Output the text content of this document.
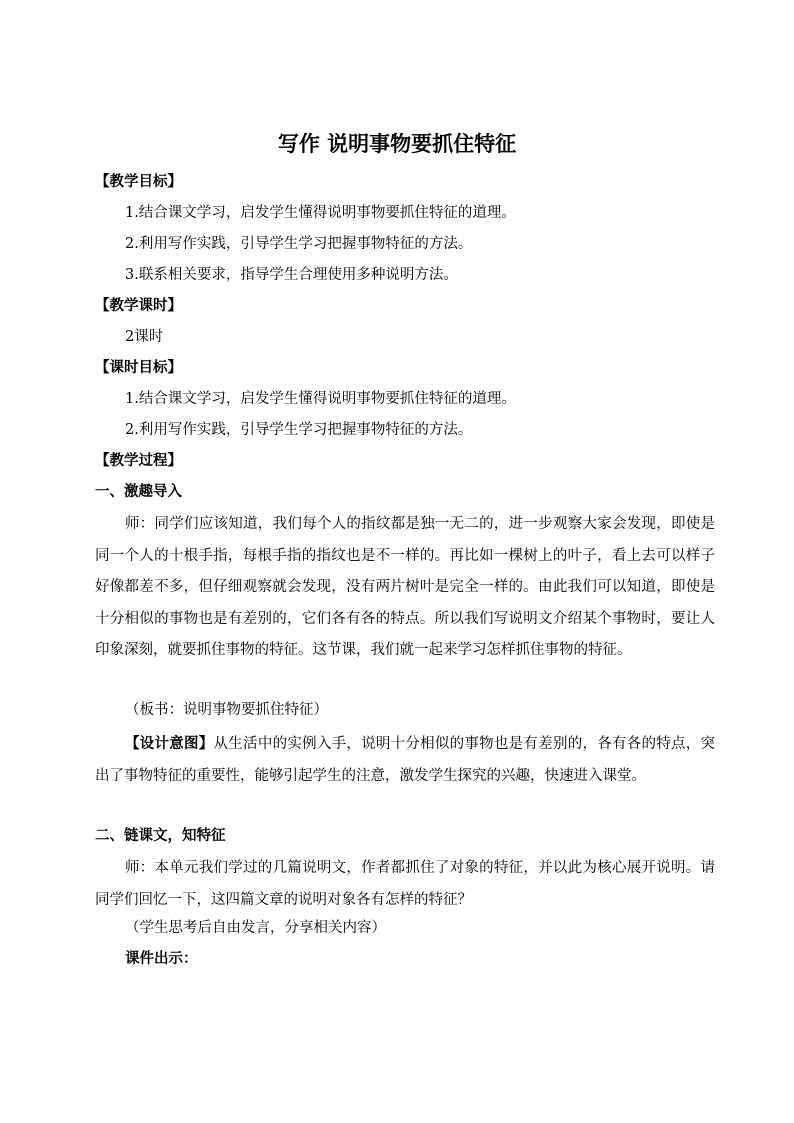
写作 说明事物要抓住特征
【教学目标】
1.结合课文学习，启发学生懂得说明事物要抓住特征的道理。
2.利用写作实践，引导学生学习把握事物特征的方法。
3.联系相关要求，指导学生合理使用多种说明方法。
【教学课时】
2课时
【课时目标】
1.结合课文学习，启发学生懂得说明事物要抓住特征的道理。
2.利用写作实践，引导学生学习把握事物特征的方法。
【教学过程】
一、激趣导入
师：同学们应该知道，我们每个人的指纹都是独一无二的，进一步观察大家会发现，即使是同一个人的十根手指，每根手指的指纹也是不一样的。再比如一棵树上的叶子，看上去可以样子好像都差不多，但仔细观察就会发现，没有两片树叶是完全一样的。由此我们可以知道，即使是十分相似的事物也是有差别的，它们各有各的特点。所以我们写说明文介绍某个事物时，要让人印象深刻，就要抓住事物的特征。这节课，我们就一起来学习怎样抓住事物的特征。
（板书：说明事物要抓住特征）
【设计意图】从生活中的实例入手，说明十分相似的事物也是有差别的，各有各的特点，突出了事物特征的重要性，能够引起学生的注意，激发学生探究的兴趣，快速进入课堂。
二、链课文，知特征
师：本单元我们学过的几篇说明文，作者都抓住了对象的特征，并以此为核心展开说明。请同学们回忆一下，这四篇文章的说明对象各有怎样的特征？
（学生思考后自由发言，分享相关内容）
课件出示：
